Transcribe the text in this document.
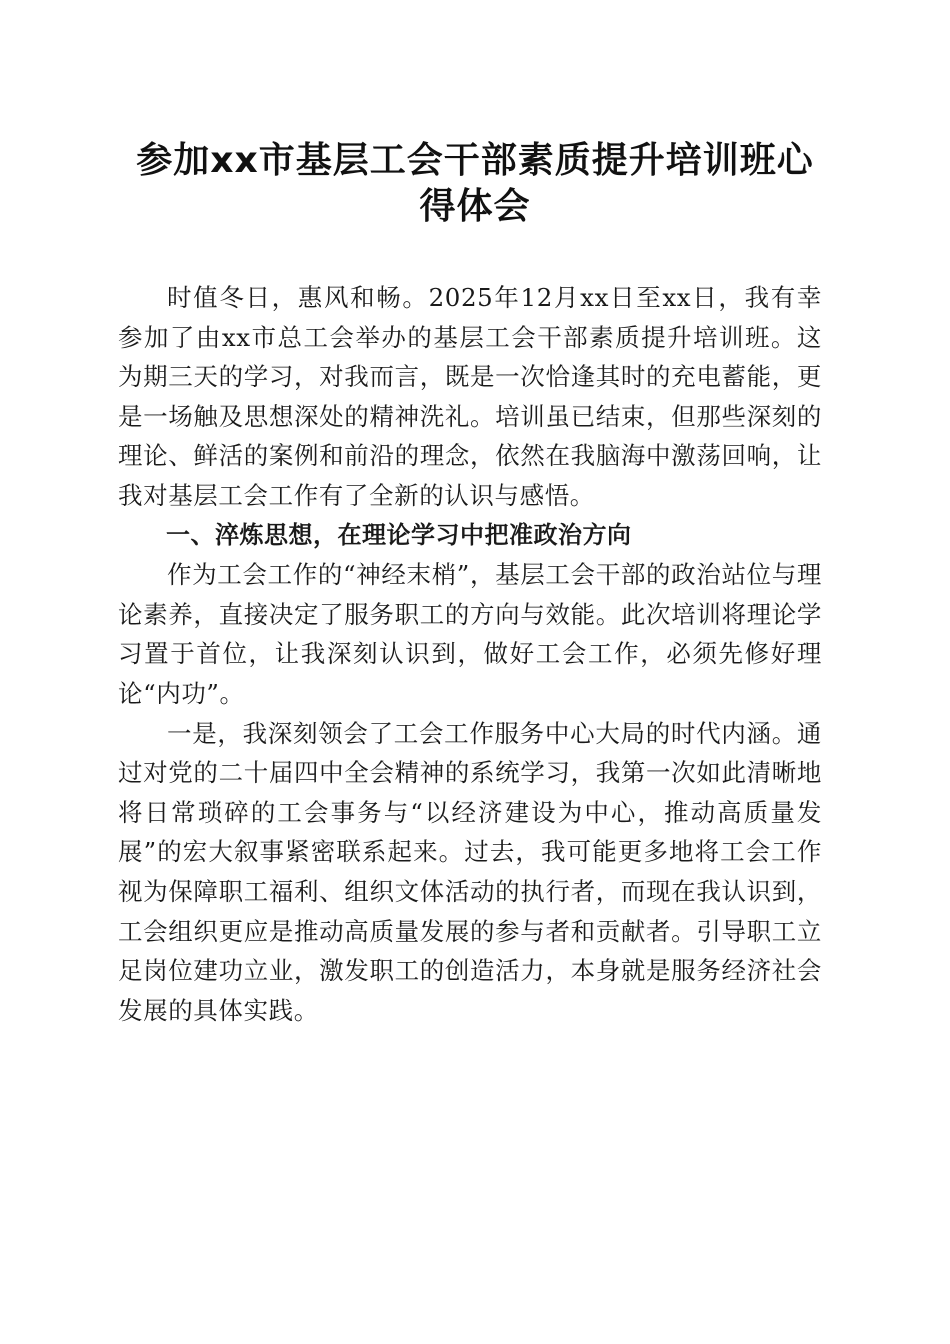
参加xx市基层工会干部素质提升培训班心得体会

时值冬日，惠风和畅。2025年12月xx日至xx日，我有幸参加了由xx市总工会举办的基层工会干部素质提升培训班。这为期三天的学习，对我而言，既是一次恰逢其时的充电蓄能，更是一场触及思想深处的精神洗礼。培训虽已结束，但那些深刻的理论、鲜活的案例和前沿的理念，依然在我脑海中激荡回响，让我对基层工会工作有了全新的认识与感悟。

一、淬炼思想，在理论学习中把准政治方向

作为工会工作的“神经末梢”，基层工会干部的政治站位与理论素养，直接决定了服务职工的方向与效能。此次培训将理论学习置于首位，让我深刻认识到，做好工会工作，必须先修好理论“内功”。

一是，我深刻领会了工会工作服务中心大局的时代内涵。通过对党的二十届四中全会精神的系统学习，我第一次如此清晰地将日常琐碎的工会事务与“以经济建设为中心，推动高质量发展”的宏大叙事紧密联系起来。过去，我可能更多地将工会工作视为保障职工福利、组织文体活动的执行者，而现在我认识到，工会组织更应是推动高质量发展的参与者和贡献者。引导职工立足岗位建功立业，激发职工的创造活力，本身就是服务经济社会发展的具体实践。
